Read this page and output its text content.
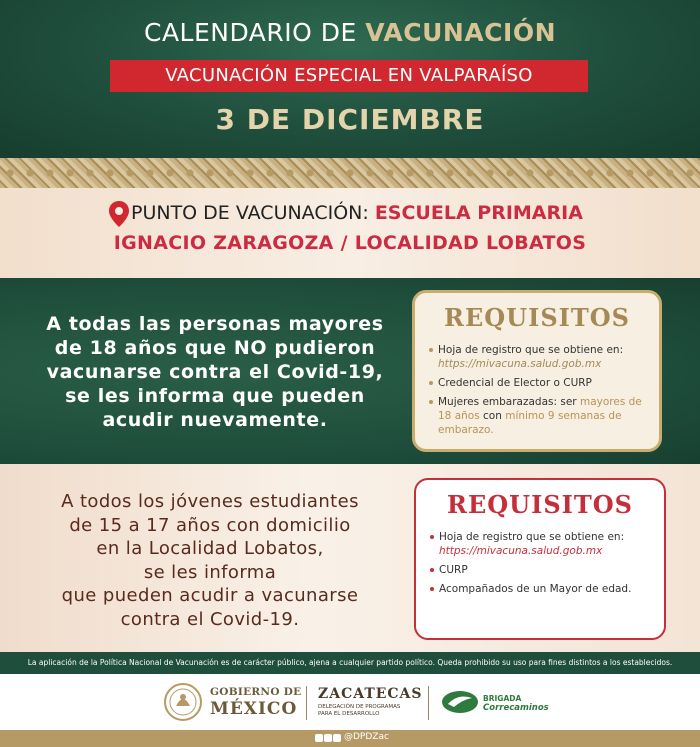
CALENDARIO DE VACUNACIÓN
VACUNACIÓN ESPECIAL EN VALPARAÍSO
3 DE DICIEMBRE
PUNTO DE VACUNACIÓN: ESCUELA PRIMARIA
IGNACIO ZARAGOZA / LOCALIDAD LOBATOS
A todas las personas mayores
de 18 años que NO pudieron
vacunarse contra el Covid-19,
se les informa que pueden
acudir nuevamente.
REQUISITOS
Hoja de registro que se obtiene en: https://mivacuna.salud.gob.mx
Credencial de Elector o CURP
Mujeres embarazadas: ser mayores de 18 años con mínimo 9 semanas de embarazo.
A todos los jóvenes estudiantes
de 15 a 17 años con domicilio
en la Localidad Lobatos,
se les informa
que pueden acudir a vacunarse
contra el Covid-19.
REQUISITOS
Hoja de registro que se obtiene en: https://mivacuna.salud.gob.mx
CURP
Acompañados de un Mayor de edad.
La aplicación de la Política Nacional de Vacunación es de carácter público, ajena a cualquier partido político. Queda prohibido su uso para fines distintos a los establecidos.
GOBIERNO DE
MÉXICO
ZACATECAS
DELEGACIÓN DE PROGRAMAS
PARA EL DESARROLLO
BRIGADA
Correcaminos
@DPDZac
